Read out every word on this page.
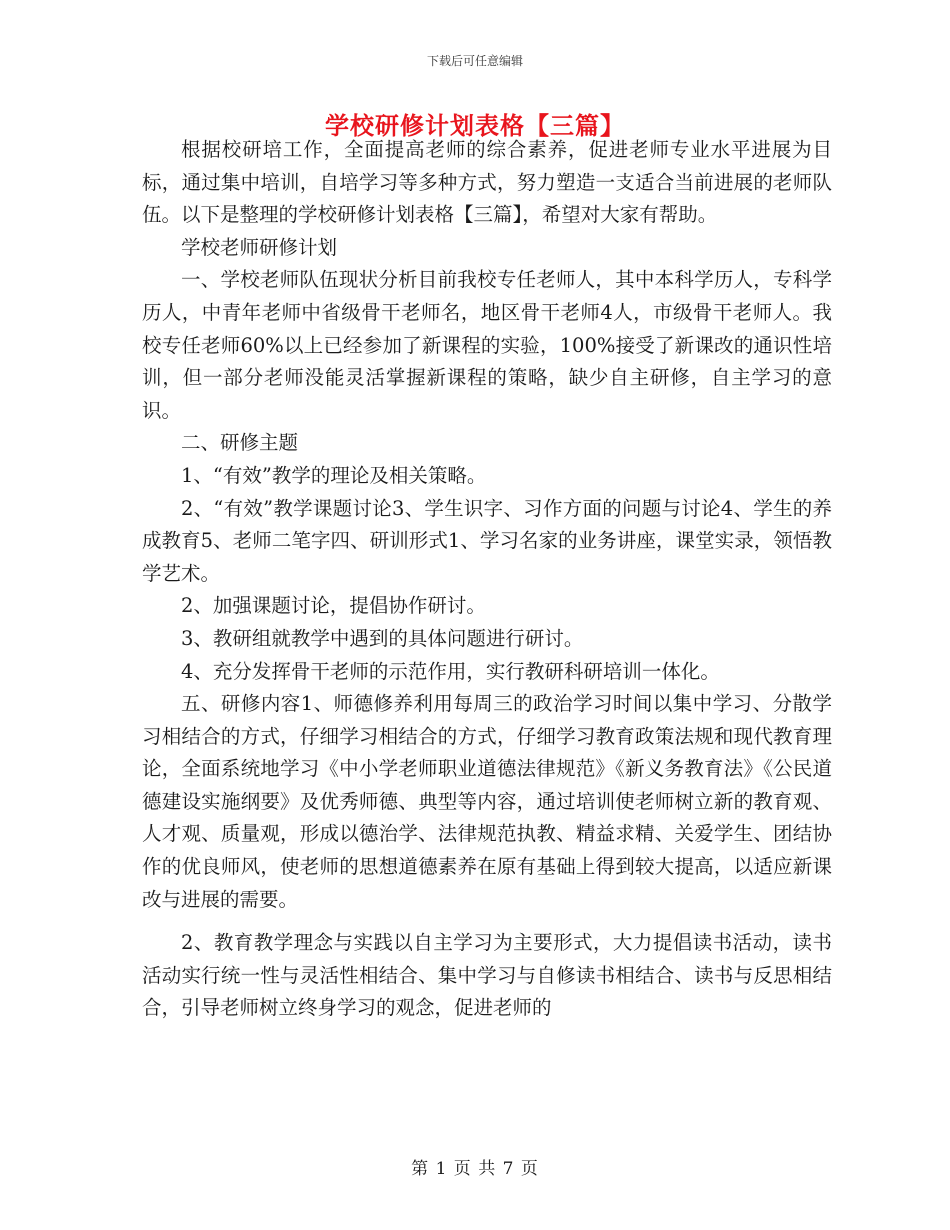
下载后可任意编辑
学校研修计划表格【三篇】

根据校研培工作，全面提高老师的综合素养，促进老师专业水平进展为目标，通过集中培训，自培学习等多种方式，努力塑造一支适合当前进展的老师队伍。以下是整理的学校研修计划表格【三篇】，希望对大家有帮助。

学校老师研修计划

一、学校老师队伍现状分析目前我校专任老师人，其中本科学历人，专科学历人，中青年老师中省级骨干老师名，地区骨干老师4人，市级骨干老师人。我校专任老师60%以上已经参加了新课程的实验，100%接受了新课改的通识性培训，但一部分老师没能灵活掌握新课程的策略，缺少自主研修，自主学习的意识。

二、研修主题

1、“有效”教学的理论及相关策略。

2、“有效”教学课题讨论3、学生识字、习作方面的问题与讨论4、学生的养成教育5、老师二笔字四、研训形式1、学习名家的业务讲座，课堂实录，领悟教学艺术。

2、加强课题讨论，提倡协作研讨。

3、教研组就教学中遇到的具体问题进行研讨。

4、充分发挥骨干老师的示范作用，实行教研科研培训一体化。

五、研修内容1、师德修养利用每周三的政治学习时间以集中学习、分散学习相结合的方式，仔细学习相结合的方式，仔细学习教育政策法规和现代教育理论，全面系统地学习《中小学老师职业道德法律规范》《新义务教育法》《公民道德建设实施纲要》及优秀师德、典型等内容，通过培训使老师树立新的教育观、人才观、质量观，形成以德治学、法律规范执教、精益求精、关爱学生、团结协作的优良师风，使老师的思想道德素养在原有基础上得到较大提高，以适应新课改与进展的需要。

2、教育教学理念与实践以自主学习为主要形式，大力提倡读书活动，读书活动实行统一性与灵活性相结合、集中学习与自修读书相结合、读书与反思相结合，引导老师树立终身学习的观念，促进老师的

第 1 页 共 7 页
